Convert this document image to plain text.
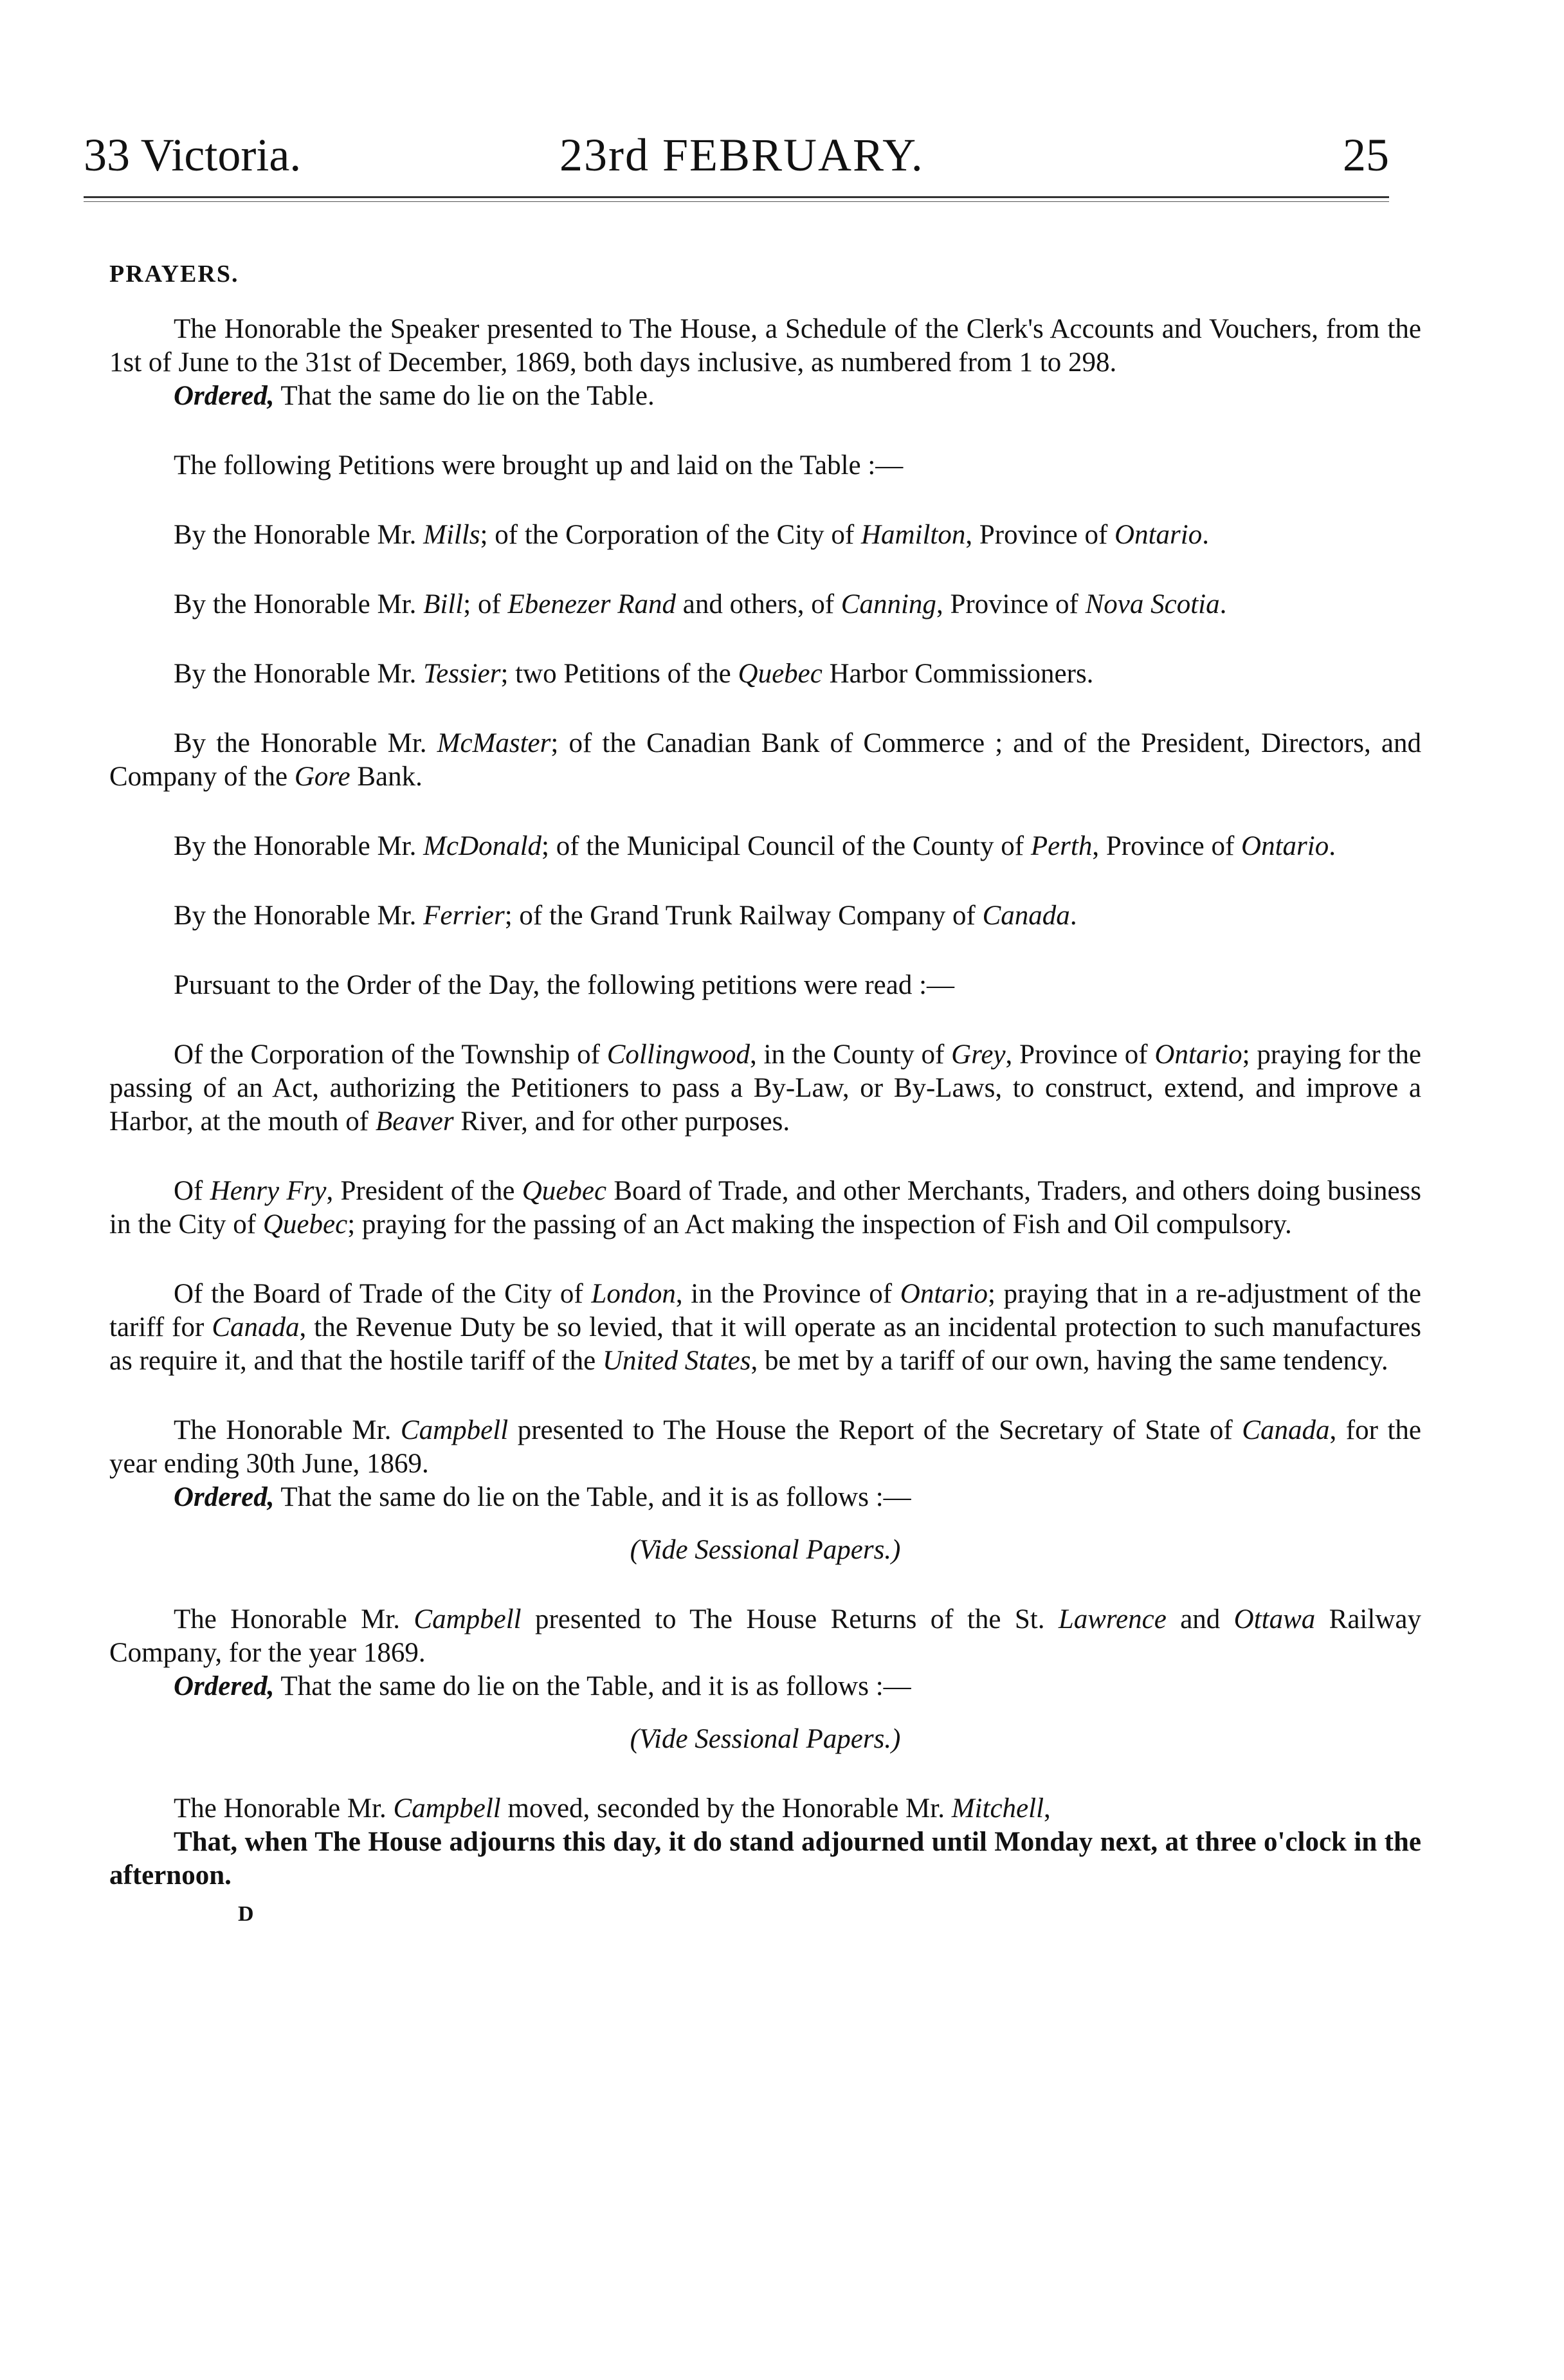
33 Victoria.	23rd FEBRUARY.	25
PRAYERS.

The Honorable the Speaker presented to The House, a Schedule of the Clerk's Accounts and Vouchers, from the 1st of June to the 31st of December, 1869, both days inclusive, as numbered from 1 to 298.

Ordered, That the same do lie on the Table.

The following Petitions were brought up and laid on the Table :—

By the Honorable Mr. Mills; of the Corporation of the City of Hamilton, Province of Ontario.

By the Honorable Mr. Bill; of Ebenezer Rand and others, of Canning, Province of Nova Scotia.

By the Honorable Mr. Tessier; two Petitions of the Quebec Harbor Commissioners.

By the Honorable Mr. McMaster; of the Canadian Bank of Commerce ; and of the President, Directors, and Company of the Gore Bank.

By the Honorable Mr. McDonald; of the Municipal Council of the County of Perth, Province of Ontario.

By the Honorable Mr. Ferrier; of the Grand Trunk Railway Company of Canada.

Pursuant to the Order of the Day, the following petitions were read :—

Of the Corporation of the Township of Collingwood, in the County of Grey, Province of Ontario; praying for the passing of an Act, authorizing the Petitioners to pass a By-Law, or By-Laws, to construct, extend, and improve a Harbor, at the mouth of Beaver River, and for other purposes.

Of Henry Fry, President of the Quebec Board of Trade, and other Merchants, Traders, and others doing business in the City of Quebec; praying for the passing of an Act making the inspection of Fish and Oil compulsory.

Of the Board of Trade of the City of London, in the Province of Ontario; praying that in a re-adjustment of the tariff for Canada, the Revenue Duty be so levied, that it will operate as an incidental protection to such manufactures as require it, and that the hostile tariff of the United States, be met by a tariff of our own, having the same tendency.

The Honorable Mr. Campbell presented to The House the Report of the Secretary of State of Canada, for the year ending 30th June, 1869.

Ordered, That the same do lie on the Table, and it is as follows :—

(Vide Sessional Papers.)

The Honorable Mr. Campbell presented to The House Returns of the St. Lawrence and Ottawa Railway Company, for the year 1869.

Ordered, That the same do lie on the Table, and it is as follows :—

(Vide Sessional Papers.)

The Honorable Mr. Campbell moved, seconded by the Honorable Mr. Mitchell,

That, when The House adjourns this day, it do stand adjourned until Monday next, at three o'clock in the afternoon.

D
